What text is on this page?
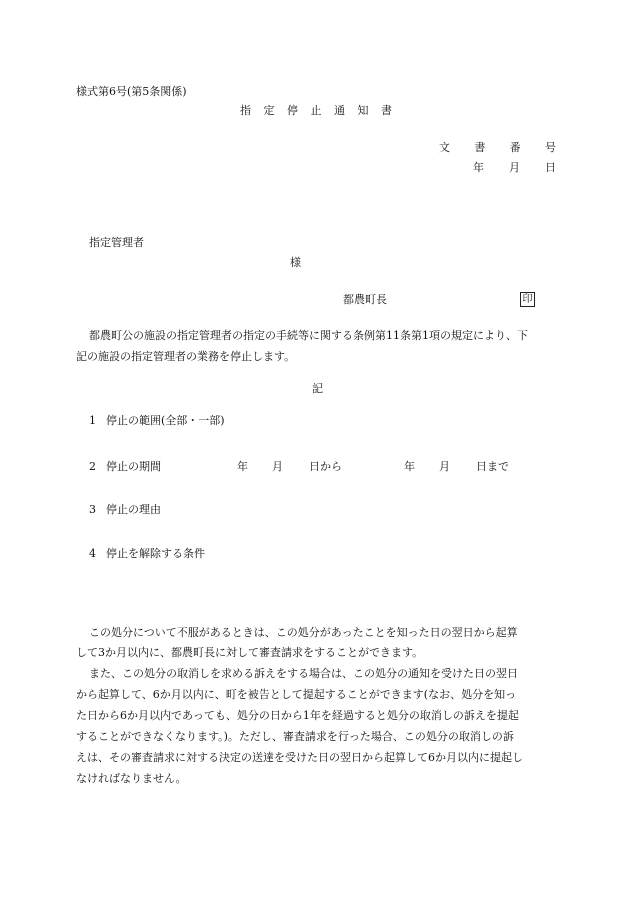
様式第6号(第5条関係)
指 定 停 止 通 知 書
文 書 番 号
年 月 日
指定管理者
様
都農町長	印
都農町公の施設の指定管理者の指定の手続等に関する条例第11条第1項の規定により、下
記の施設の指定管理者の業務を停止します。
記
1 停止の範囲(全部・一部)
2 停止の期間	年 月 日から	年 月 日まで
3 停止の理由
4 停止を解除する条件
この処分について不服があるときは、この処分があったことを知った日の翌日から起算
して3か月以内に、都農町長に対して審査請求をすることができます。
また、この処分の取消しを求める訴えをする場合は、この処分の通知を受けた日の翌日
から起算して、6か月以内に、町を被告として提起することができます(なお、処分を知っ
た日から6か月以内であっても、処分の日から1年を経過すると処分の取消しの訴えを提起
することができなくなります。)。ただし、審査請求を行った場合、この処分の取消しの訴
えは、その審査請求に対する決定の送達を受けた日の翌日から起算して6か月以内に提起し
なければなりません。
